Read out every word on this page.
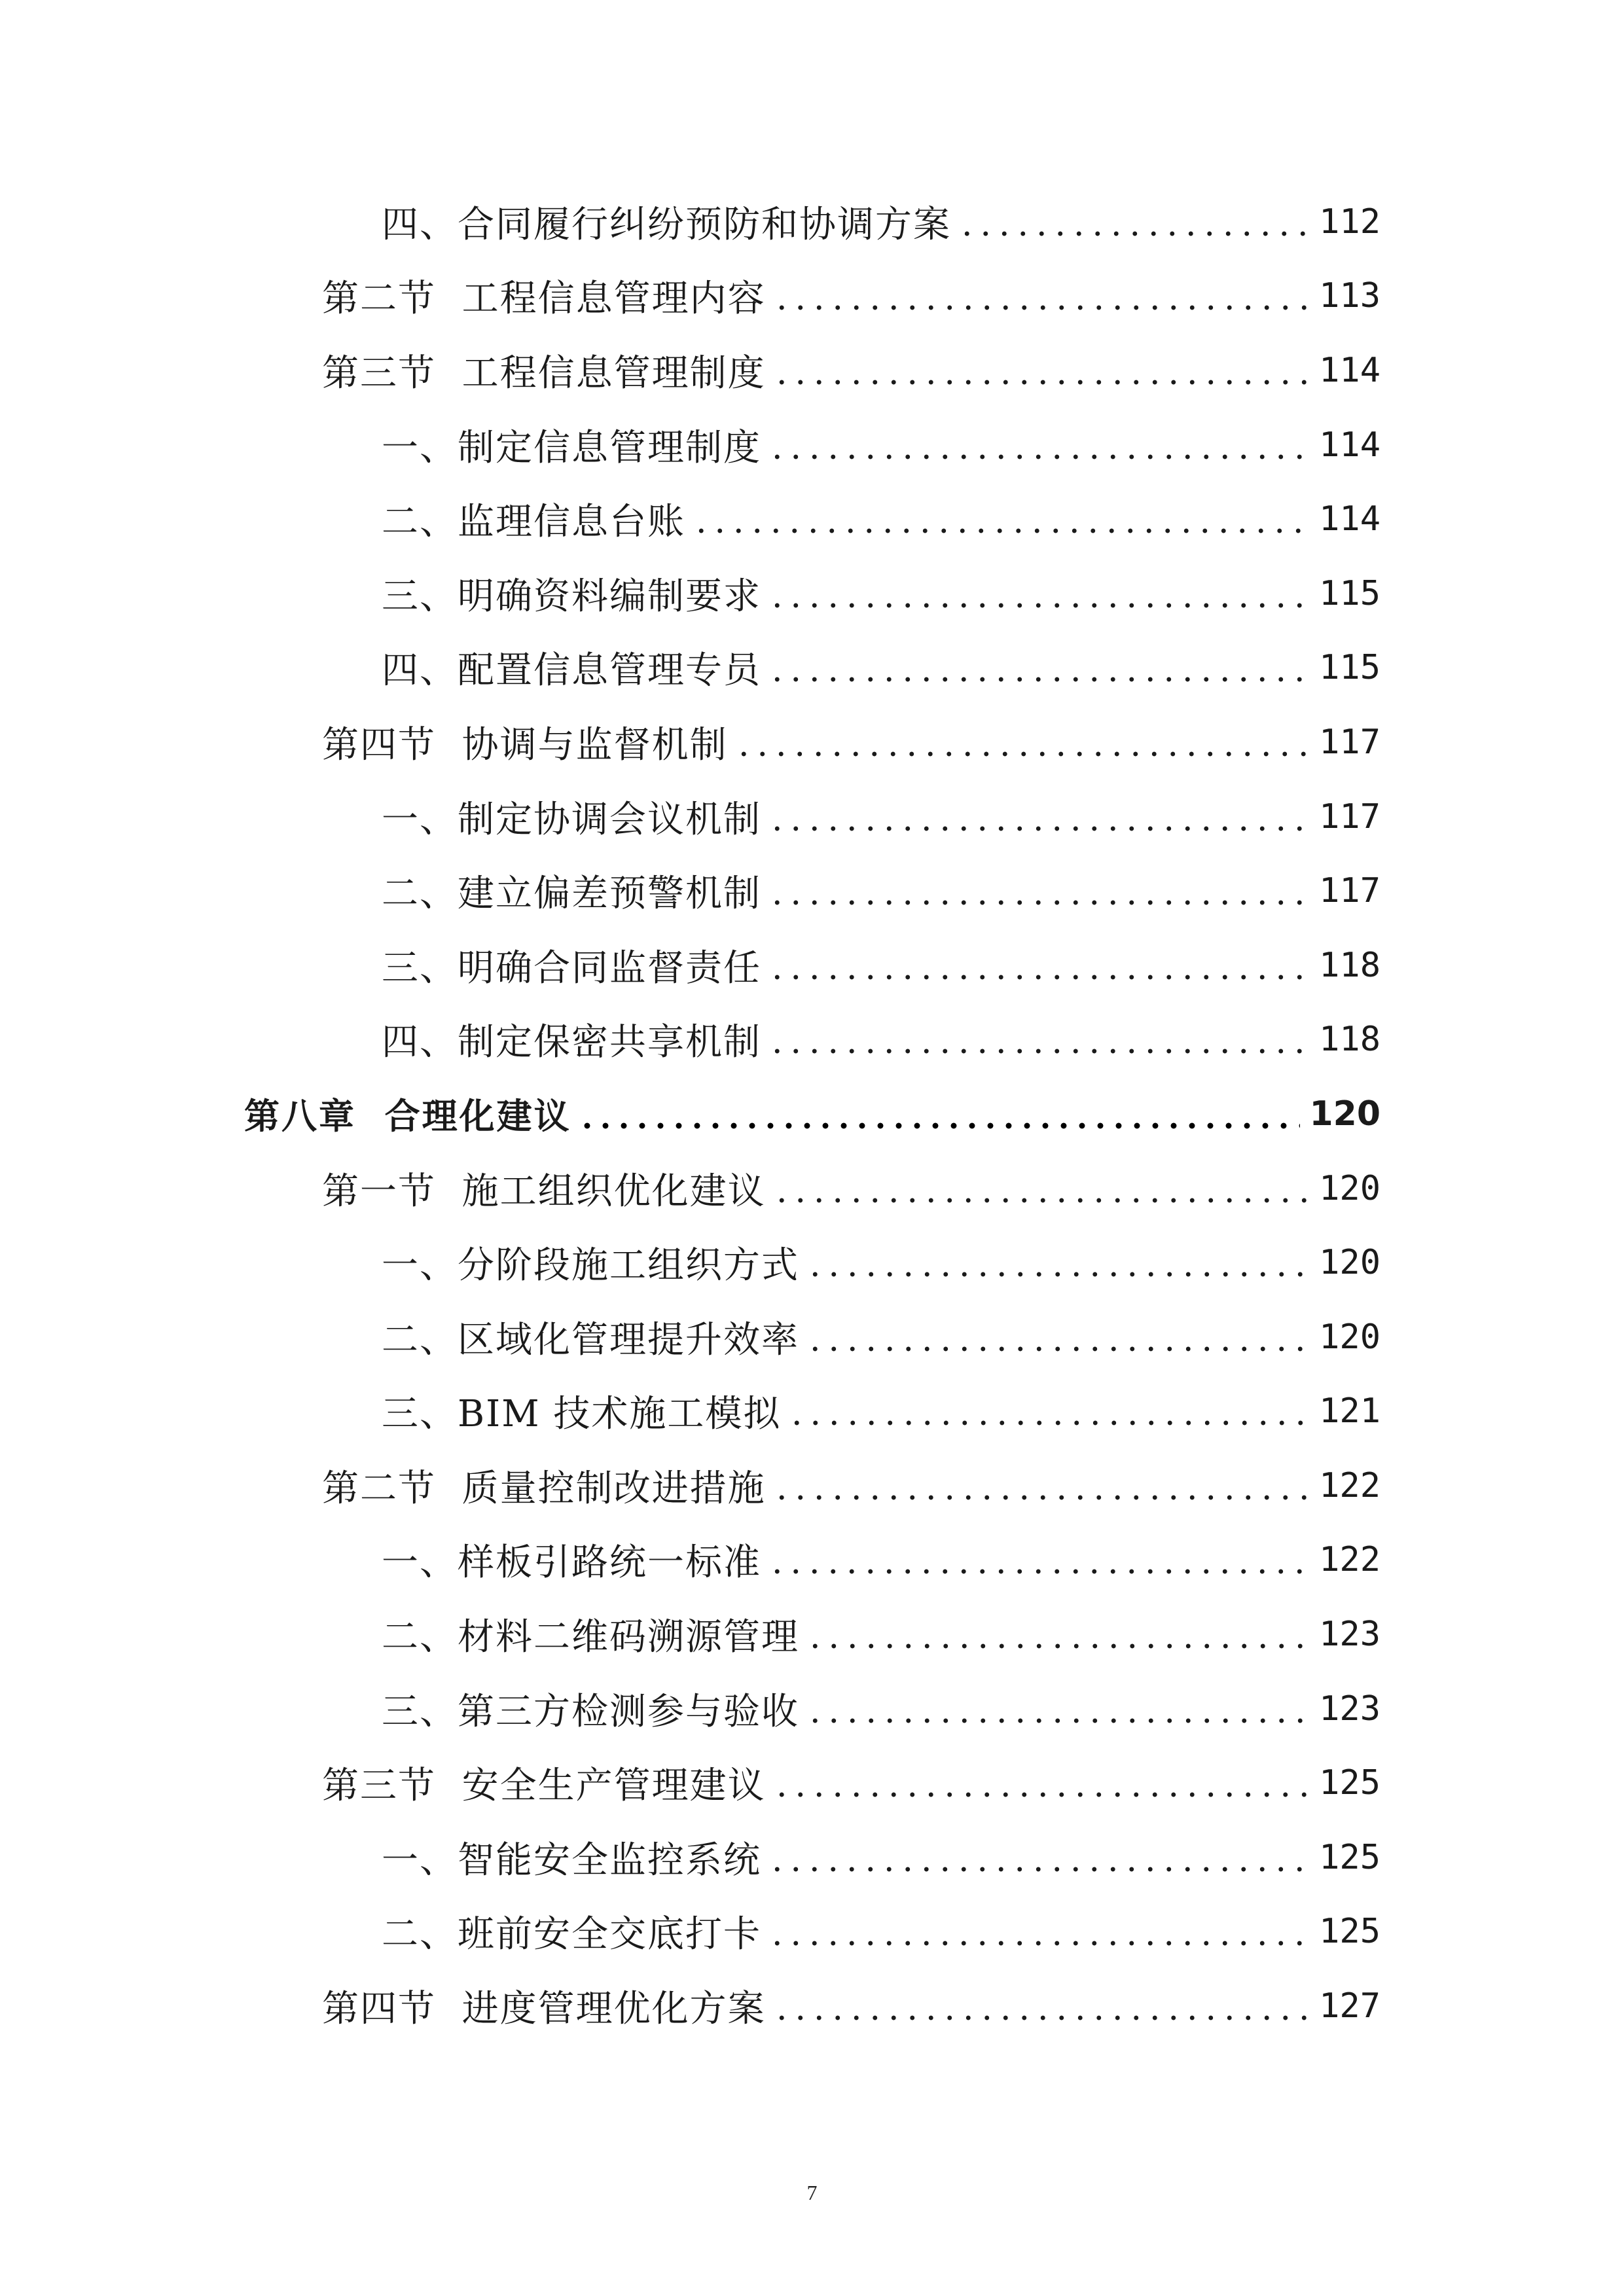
四、合同履行纠纷预防和协调方案	112
第二节  工程信息管理内容	113
第三节  工程信息管理制度	114
一、制定信息管理制度	114
二、监理信息台账	114
三、明确资料编制要求	115
四、配置信息管理专员	115
第四节  协调与监督机制	117
一、制定协调会议机制	117
二、建立偏差预警机制	117
三、明确合同监督责任	118
四、制定保密共享机制	118
第八章  合理化建议	120
第一节  施工组织优化建议	120
一、分阶段施工组织方式	120
二、区域化管理提升效率	120
三、BIM 技术施工模拟	121
第二节  质量控制改进措施	122
一、样板引路统一标准	122
二、材料二维码溯源管理	123
三、第三方检测参与验收	123
第三节  安全生产管理建议	125
一、智能安全监控系统	125
二、班前安全交底打卡	125
第四节  进度管理优化方案	127
7
